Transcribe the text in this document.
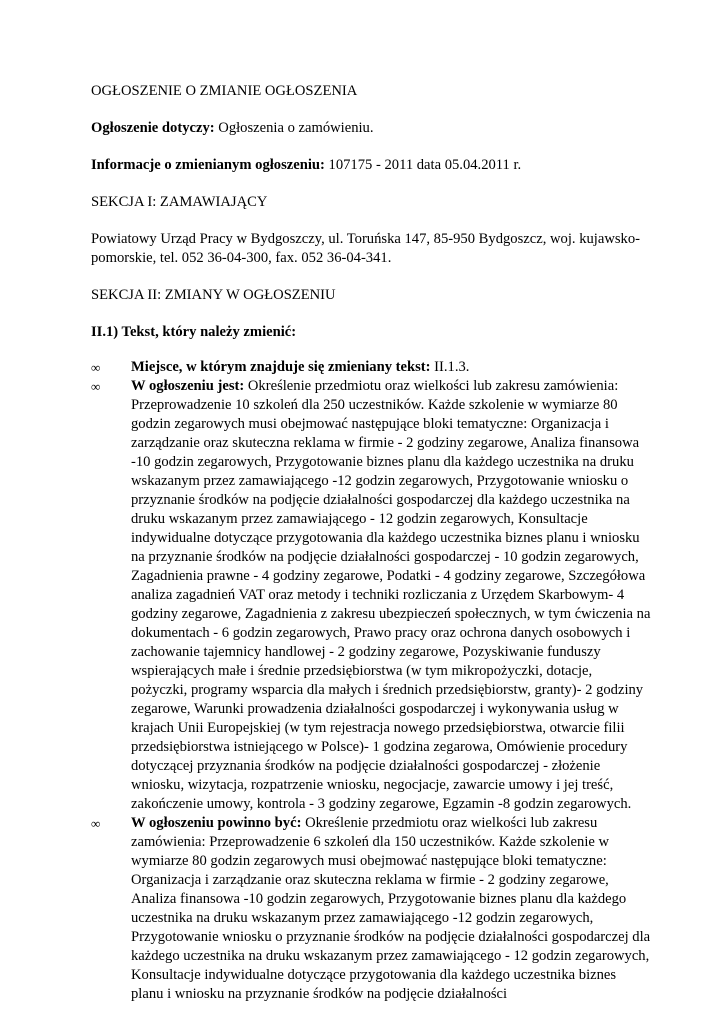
OGŁOSZENIE O ZMIANIE OGŁOSZENIA

Ogłoszenie dotyczy: Ogłoszenia o zamówieniu.

Informacje o zmienianym ogłoszeniu: 107175 - 2011 data 05.04.2011 r.

SEKCJA I: ZAMAWIAJĄCY

Powiatowy Urząd Pracy w Bydgoszczy, ul. Toruńska 147, 85-950 Bydgoszcz, woj. kujawsko-pomorskie, tel. 052 36-04-300, fax. 052 36-04-341.

SEKCJA II: ZMIANY W OGŁOSZENIU

II.1) Tekst, który należy zmienić:

∞	Miejsce, w którym znajduje się zmieniany tekst: II.1.3.
∞	W ogłoszeniu jest: Określenie przedmiotu oraz wielkości lub zakresu zamówienia: Przeprowadzenie 10 szkoleń dla 250 uczestników. Każde szkolenie w wymiarze 80 godzin zegarowych musi obejmować następujące bloki tematyczne: Organizacja i zarządzanie oraz skuteczna reklama w firmie - 2 godziny zegarowe, Analiza finansowa -10 godzin zegarowych, Przygotowanie biznes planu dla każdego uczestnika na druku wskazanym przez zamawiającego -12 godzin zegarowych, Przygotowanie wniosku o przyznanie środków na podjęcie działalności gospodarczej dla każdego uczestnika na druku wskazanym przez zamawiającego - 12 godzin zegarowych, Konsultacje indywidualne dotyczące przygotowania dla każdego uczestnika biznes planu i wniosku na przyznanie środków na podjęcie działalności gospodarczej - 10 godzin zegarowych, Zagadnienia prawne - 4 godziny zegarowe, Podatki - 4 godziny zegarowe, Szczegółowa analiza zagadnień VAT oraz metody i techniki rozliczania z Urzędem Skarbowym- 4 godziny zegarowe, Zagadnienia z zakresu ubezpieczeń społecznych, w tym ćwiczenia na dokumentach - 6 godzin zegarowych, Prawo pracy oraz ochrona danych osobowych i zachowanie tajemnicy handlowej - 2 godziny zegarowe, Pozyskiwanie funduszy wspierających małe i średnie przedsiębiorstwa (w tym mikropożyczki, dotacje, pożyczki, programy wsparcia dla małych i średnich przedsiębiorstw, granty)- 2 godziny zegarowe, Warunki prowadzenia działalności gospodarczej i wykonywania usług w krajach Unii Europejskiej (w tym rejestracja nowego przedsiębiorstwa, otwarcie filii przedsiębiorstwa istniejącego w Polsce)- 1 godzina zegarowa, Omówienie procedury dotyczącej przyznania środków na podjęcie działalności gospodarczej - złożenie wniosku, wizytacja, rozpatrzenie wniosku, negocjacje, zawarcie umowy i jej treść, zakończenie umowy, kontrola - 3 godziny zegarowe, Egzamin -8 godzin zegarowych.
∞	W ogłoszeniu powinno być: Określenie przedmiotu oraz wielkości lub zakresu zamówienia: Przeprowadzenie 6 szkoleń dla 150 uczestników. Każde szkolenie w wymiarze 80 godzin zegarowych musi obejmować następujące bloki tematyczne: Organizacja i zarządzanie oraz skuteczna reklama w firmie - 2 godziny zegarowe, Analiza finansowa -10 godzin zegarowych, Przygotowanie biznes planu dla każdego uczestnika na druku wskazanym przez zamawiającego -12 godzin zegarowych, Przygotowanie wniosku o przyznanie środków na podjęcie działalności gospodarczej dla każdego uczestnika na druku wskazanym przez zamawiającego - 12 godzin zegarowych, Konsultacje indywidualne dotyczące przygotowania dla każdego uczestnika biznes planu i wniosku na przyznanie środków na podjęcie działalności
